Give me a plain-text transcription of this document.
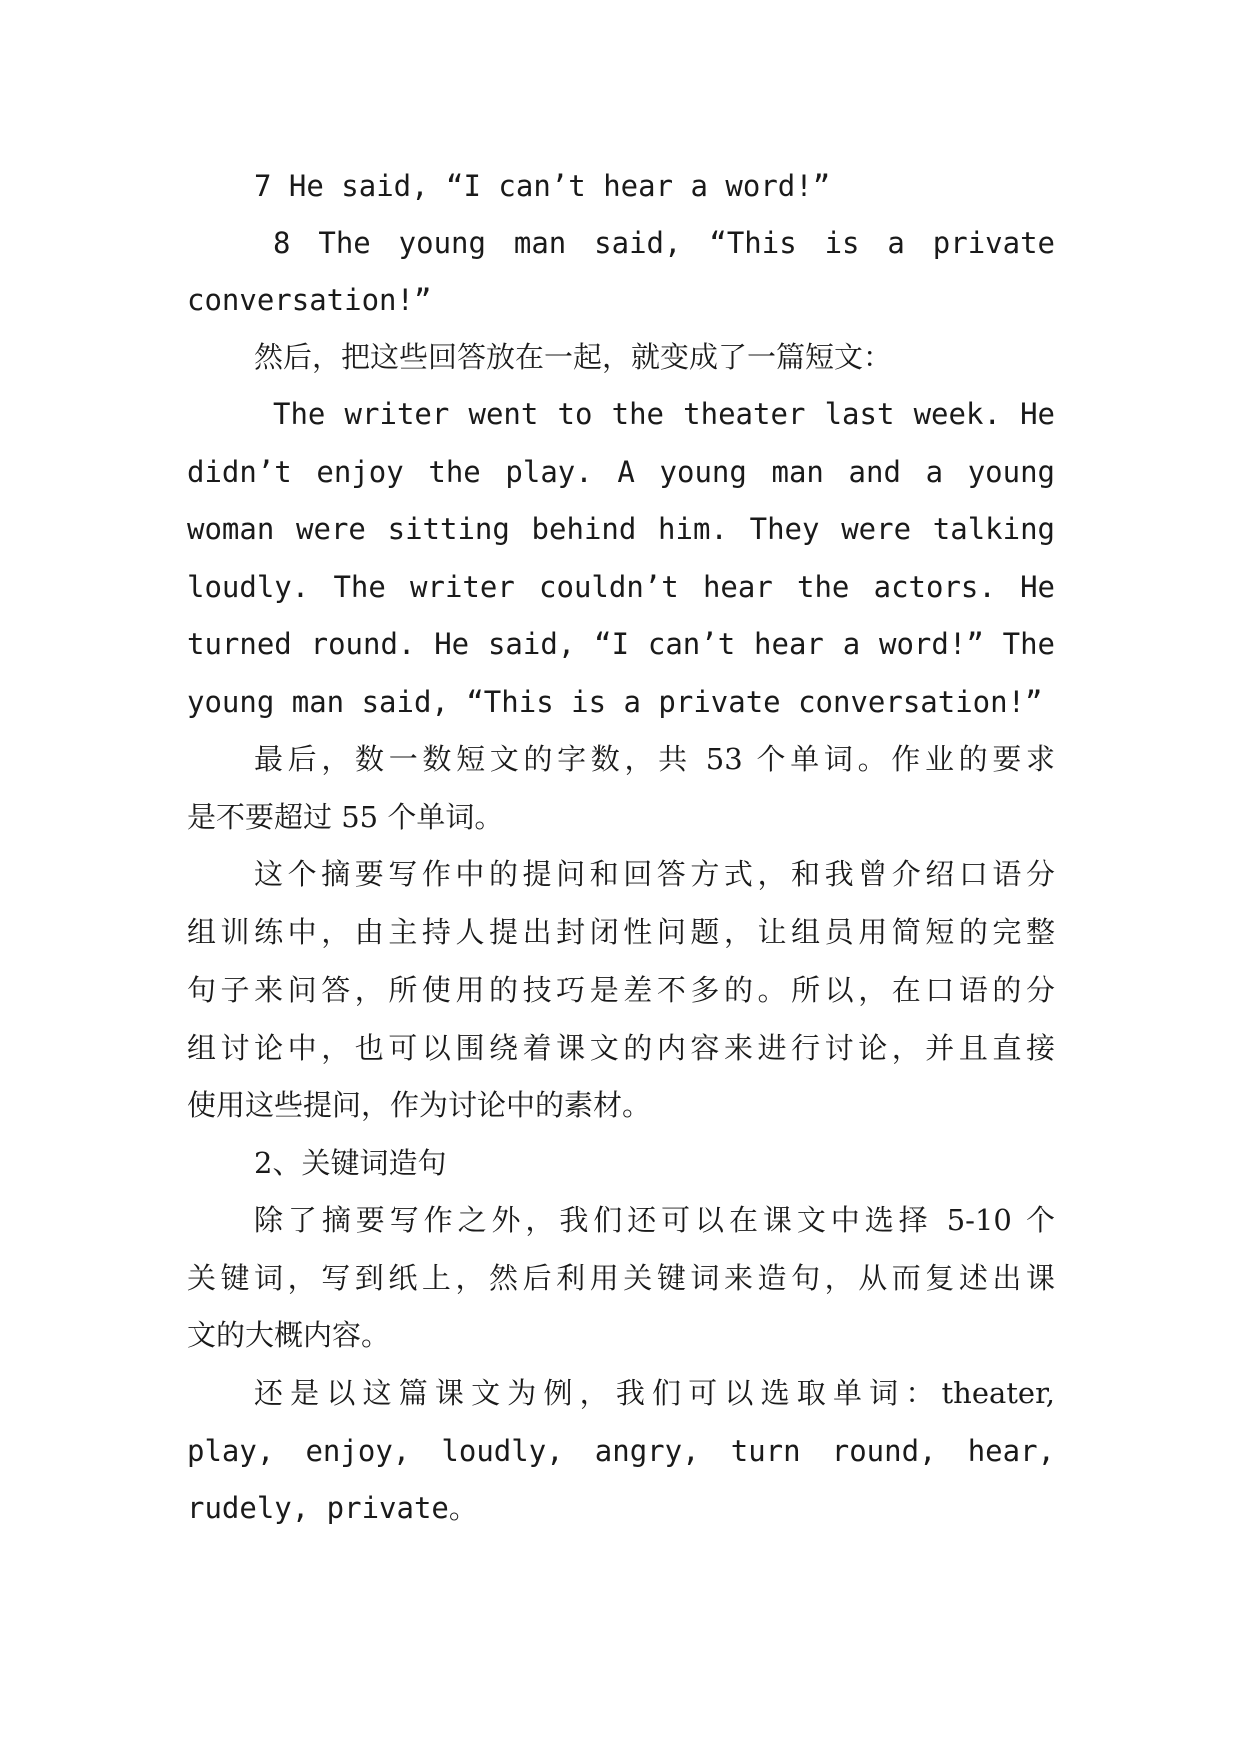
7 He said, “I can’t hear a word!”
8 The young man said, “This is a private
conversation!”
然后，把这些回答放在一起，就变成了一篇短文：
The writer went to the theater last week. He
didn’t enjoy the play. A young man and a young
woman were sitting behind him. They were talking
loudly. The writer couldn’t hear the actors. He
turned round. He said, “I can’t hear a word!” The
young man said, “This is a private conversation!”
最后，数一数短文的字数，共 53 个单词。作业的要求
是不要超过 55 个单词。
这个摘要写作中的提问和回答方式，和我曾介绍口语分
组训练中，由主持人提出封闭性问题，让组员用简短的完整
句子来问答，所使用的技巧是差不多的。所以，在口语的分
组讨论中，也可以围绕着课文的内容来进行讨论，并且直接
使用这些提问，作为讨论中的素材。
2、关键词造句
除了摘要写作之外，我们还可以在课文中选择 5-10 个
关键词，写到纸上，然后利用关键词来造句，从而复述出课
文的大概内容。
还是以这篇课文为例，我们可以选取单词：theater,
play, enjoy, loudly, angry, turn round, hear,
rudely, private。
